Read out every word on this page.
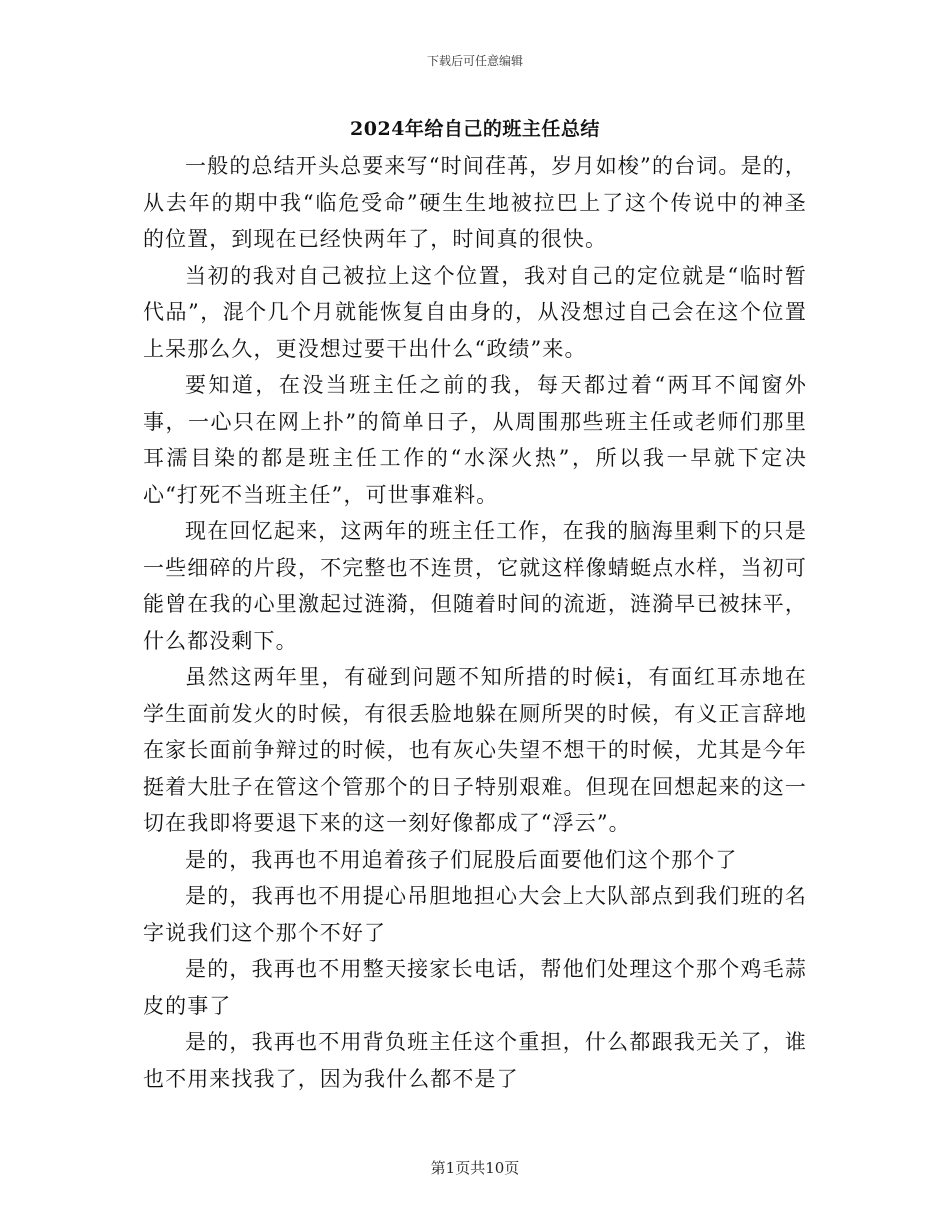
下载后可任意编辑
2024年给自己的班主任总结

一般的总结开头总要来写“时间荏苒，岁月如梭”的台词。是的，从去年的期中我“临危受命”硬生生地被拉巴上了这个传说中的神圣的位置，到现在已经快两年了，时间真的很快。

当初的我对自己被拉上这个位置，我对自己的定位就是“临时暂代品”，混个几个月就能恢复自由身的，从没想过自己会在这个位置上呆那么久，更没想过要干出什么“政绩”来。

要知道，在没当班主任之前的我，每天都过着“两耳不闻窗外事，一心只在网上扑”的简单日子，从周围那些班主任或老师们那里耳濡目染的都是班主任工作的“水深火热”，所以我一早就下定决心“打死不当班主任”，可世事难料。

现在回忆起来，这两年的班主任工作，在我的脑海里剩下的只是一些细碎的片段，不完整也不连贯，它就这样像蜻蜓点水样，当初可能曾在我的心里激起过涟漪，但随着时间的流逝，涟漪早已被抹平，什么都没剩下。

虽然这两年里，有碰到问题不知所措的时候i，有面红耳赤地在学生面前发火的时候，有很丢脸地躲在厕所哭的时候，有义正言辞地在家长面前争辩过的时候，也有灰心失望不想干的时候，尤其是今年挺着大肚子在管这个管那个的日子特别艰难。但现在回想起来的这一切在我即将要退下来的这一刻好像都成了“浮云”。

是的，我再也不用追着孩子们屁股后面要他们这个那个了

是的，我再也不用提心吊胆地担心大会上大队部点到我们班的名字说我们这个那个不好了

是的，我再也不用整天接家长电话，帮他们处理这个那个鸡毛蒜皮的事了

是的，我再也不用背负班主任这个重担，什么都跟我无关了，谁也不用来找我了，因为我什么都不是了

第1页共10页
